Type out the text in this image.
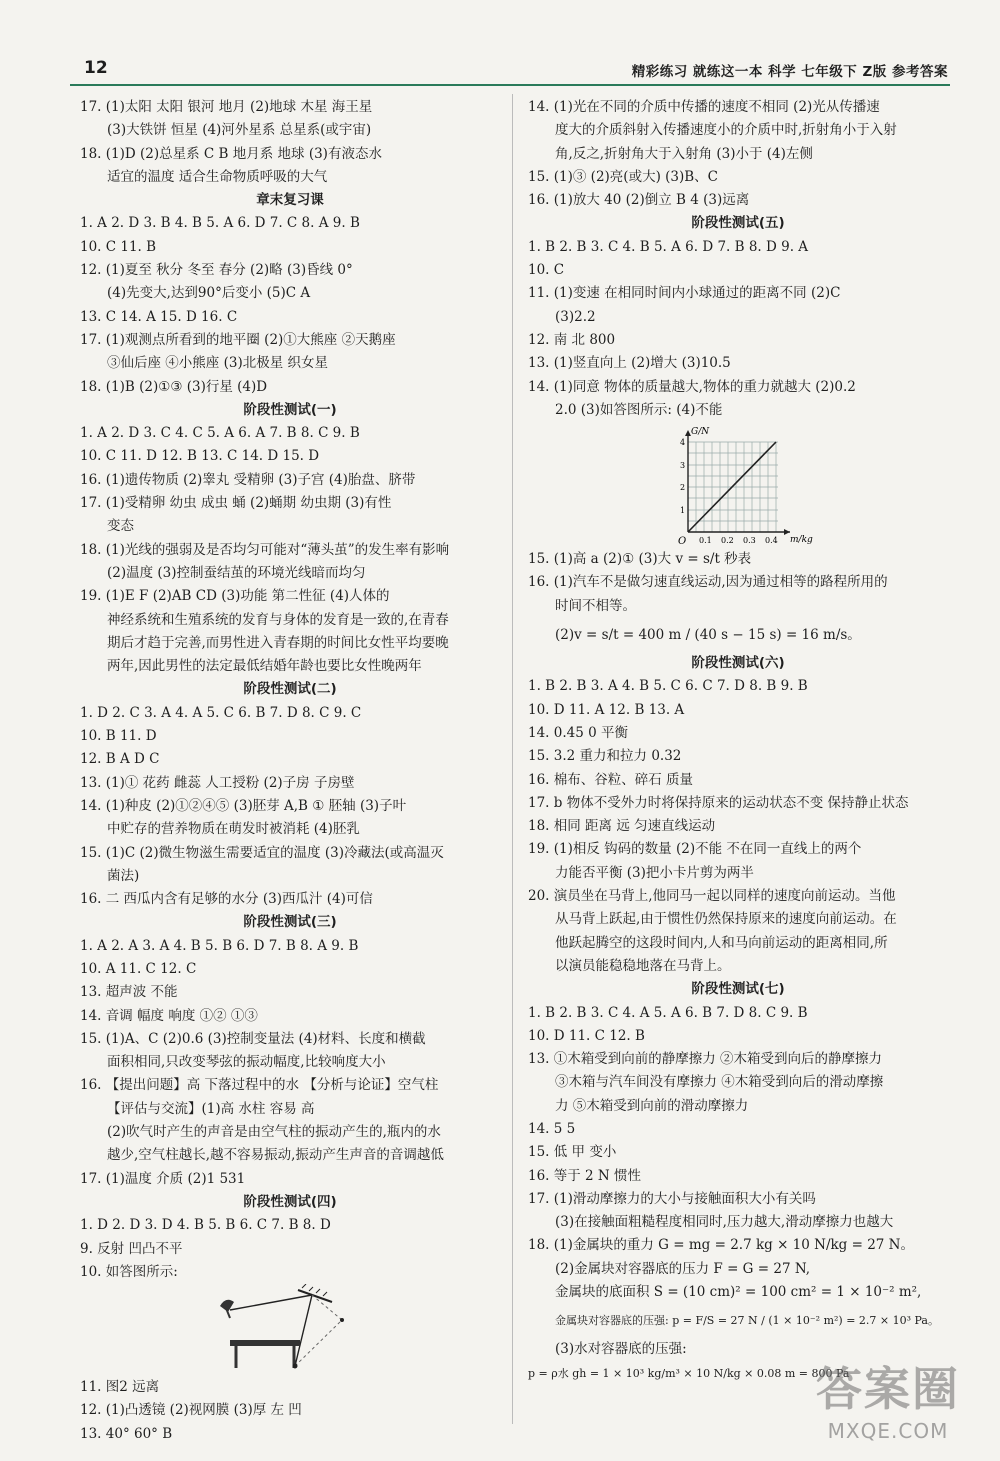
12	精彩练习 就练这一本 科学 七年级下 Z版 参考答案
17. (1)太阳 太阳 银河 地月 (2)地球 木星 海王星
(3)大铁饼 恒星 (4)河外星系 总星系(或宇宙)
18. (1)D (2)总星系 C B 地月系 地球 (3)有液态水
适宜的温度 适合生命物质呼吸的大气
章末复习课
1. A 2. D 3. B 4. B 5. A 6. D 7. C 8. A 9. B
10. C 11. B
12. (1)夏至 秋分 冬至 春分 (2)略 (3)昏线 0°
(4)先变大,达到90°后变小 (5)C A
13. C 14. A 15. D 16. C
17. (1)观测点所看到的地平圈 (2)①大熊座 ②天鹅座
③仙后座 ④小熊座 (3)北极星 织女星
18. (1)B (2)①③ (3)行星 (4)D
阶段性测试(一)
1. A 2. D 3. C 4. C 5. A 6. A 7. B 8. C 9. B
10. C 11. D 12. B 13. C 14. D 15. D
16. (1)遗传物质 (2)睾丸 受精卵 (3)子宫 (4)胎盘、脐带
17. (1)受精卵 幼虫 成虫 蛹 (2)蛹期 幼虫期 (3)有性
变态
18. (1)光线的强弱及是否均匀可能对“薄头茧”的发生率有影响
(2)温度 (3)控制蚕结茧的环境光线暗而均匀
19. (1)E F (2)AB CD (3)功能 第二性征 (4)人体的
神经系统和生殖系统的发育与身体的发育是一致的,在青春
期后才趋于完善,而男性进入青春期的时间比女性平均要晚
两年,因此男性的法定最低结婚年龄也要比女性晚两年
阶段性测试(二)
1. D 2. C 3. A 4. A 5. C 6. B 7. D 8. C 9. C
10. B 11. D
12. B A D C
13. (1)① 花药 雌蕊 人工授粉 (2)子房 子房壁
14. (1)种皮 (2)①②④⑤ (3)胚芽 A,B ① 胚轴 (3)子叶
中贮存的营养物质在萌发时被消耗 (4)胚乳
15. (1)C (2)微生物滋生需要适宜的温度 (3)冷藏法(或高温灭
菌法)
16. 二 西瓜内含有足够的水分 (3)西瓜汁 (4)可信
阶段性测试(三)
1. A 2. A 3. A 4. B 5. B 6. D 7. B 8. A 9. B
10. A 11. C 12. C
13. 超声波 不能
14. 音调 幅度 响度 ①② ①③
15. (1)A、C (2)0.6 (3)控制变量法 (4)材料、长度和横截
面积相同,只改变琴弦的振动幅度,比较响度大小
16. 【提出问题】高 下落过程中的水 【分析与论证】空气柱
【评估与交流】(1)高 水柱 容易 高
(2)吹气时产生的声音是由空气柱的振动产生的,瓶内的水
越少,空气柱越长,越不容易振动,振动产生声音的音调越低
17. (1)温度 介质 (2)1 531
阶段性测试(四)
1. D 2. D 3. D 4. B 5. B 6. C 7. B 8. D
9. 反射 凹凸不平
10. 如答图所示:
11. 图2 远离
12. (1)凸透镜 (2)视网膜 (3)厚 左 凹
13. 40° 60° B
14. (1)光在不同的介质中传播的速度不相同 (2)光从传播速
度大的介质斜射入传播速度小的介质中时,折射角小于入射
角,反之,折射角大于入射角 (3)小于 (4)左侧
15. (1)③ (2)亮(或大) (3)B、C
16. (1)放大 40 (2)倒立 B 4 (3)远离
阶段性测试(五)
1. B 2. B 3. C 4. B 5. A 6. D 7. B 8. D 9. A
10. C
11. (1)变速 在相同时间内小球通过的距离不同 (2)C
(3)2.2
12. 南 北 800
13. (1)竖直向上 (2)增大 (3)10.5
14. (1)同意 物体的质量越大,物体的重力就越大 (2)0.2
2.0 (3)如答图所示: (4)不能
G/N
m/kg
O
1
2
3
4
0.1 0.2 0.3 0.4
15. (1)高 a (2)① (3)大 v = s/t 秒表
16. (1)汽车不是做匀速直线运动,因为通过相等的路程所用的
时间不相等。
(2)v = s/t = 400 m / (40 s − 15 s) = 16 m/s。
阶段性测试(六)
1. B 2. B 3. A 4. B 5. C 6. C 7. D 8. B 9. B
10. D 11. A 12. B 13. A
14. 0.45 0 平衡
15. 3.2 重力和拉力 0.32
16. 棉布、谷粒、碎石 质量
17. b 物体不受外力时将保持原来的运动状态不变 保持静止状态
18. 相同 距离 远 匀速直线运动
19. (1)相反 钩码的数量 (2)不能 不在同一直线上的两个
力能否平衡 (3)把小卡片剪为两半
20. 演员坐在马背上,他同马一起以同样的速度向前运动。当他
从马背上跃起,由于惯性仍然保持原来的速度向前运动。在
他跃起腾空的这段时间内,人和马向前运动的距离相同,所
以演员能稳稳地落在马背上。
阶段性测试(七)
1. B 2. B 3. C 4. A 5. A 6. B 7. D 8. C 9. B
10. D 11. C 12. B
13. ①木箱受到向前的静摩擦力 ②木箱受到向后的静摩擦力
③木箱与汽车间没有摩擦力 ④木箱受到向后的滑动摩擦
力 ⑤木箱受到向前的滑动摩擦力
14. 5 5
15. 低 甲 变小
16. 等于 2 N 惯性
17. (1)滑动摩擦力的大小与接触面积大小有关吗
(3)在接触面粗糙程度相同时,压力越大,滑动摩擦力也越大
18. (1)金属块的重力 G = mg = 2.7 kg × 10 N/kg = 27 N。
(2)金属块对容器底的压力 F = G = 27 N,
金属块的底面积 S = (10 cm)² = 100 cm² = 1 × 10⁻² m²,
金属块对容器底的压强: p = F/S = 27 N / (1 × 10⁻² m²) = 2.7 × 10³ Pa。
(3)水对容器底的压强:
p = ρ水 gh = 1 × 10³ kg/m³ × 10 N/kg × 0.08 m = 800 Pa
答案圈
MXQE.COM
